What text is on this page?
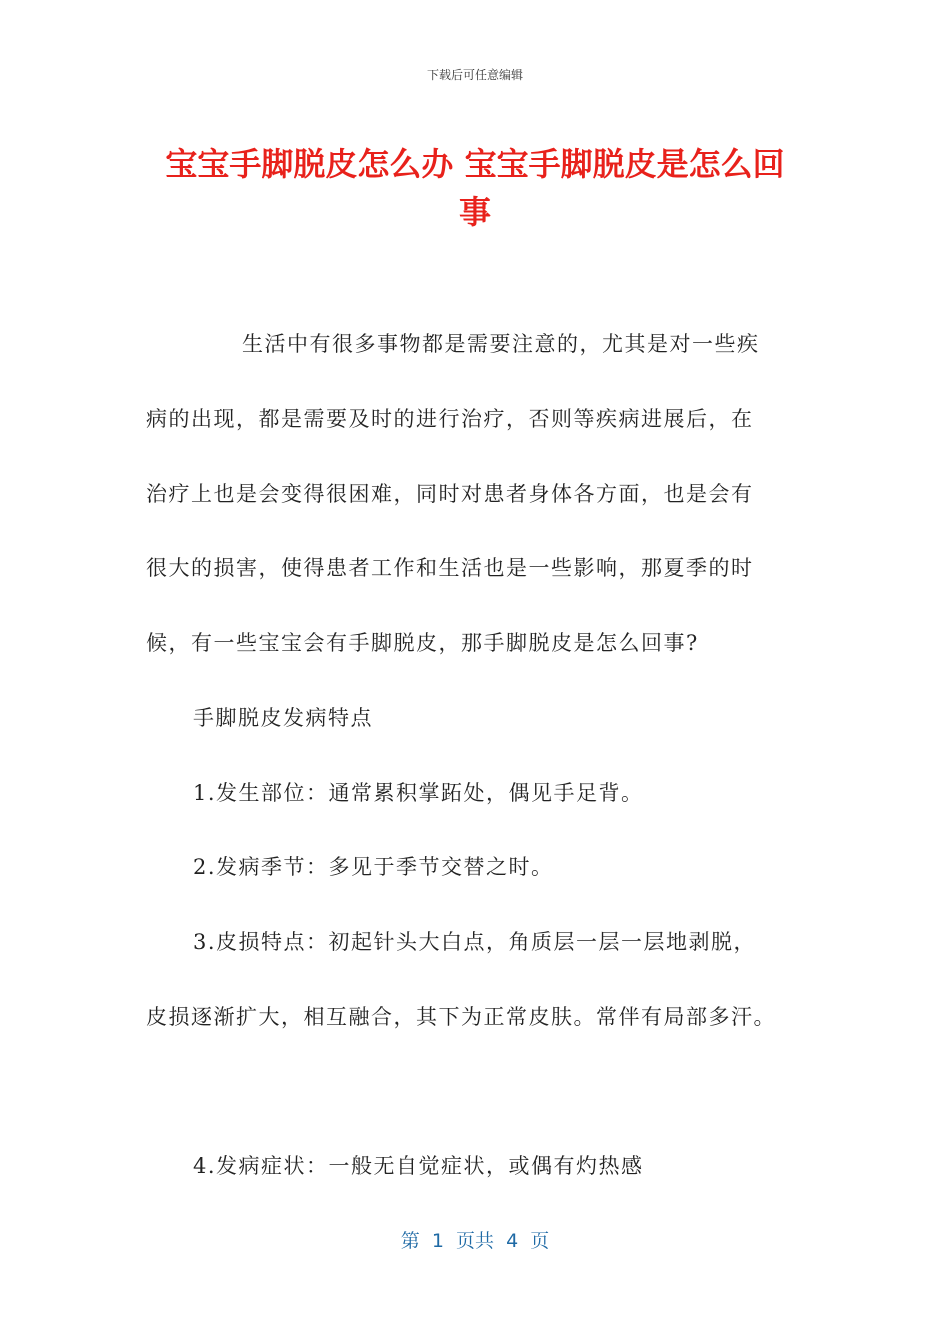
下载后可任意编辑
宝宝手脚脱皮怎么办 宝宝手脚脱皮是怎么回
事

生活中有很多事物都是需要注意的，尤其是对一些疾

病的出现，都是需要及时的进行治疗，否则等疾病进展后，在

治疗上也是会变得很困难，同时对患者身体各方面，也是会有

很大的损害，使得患者工作和生活也是一些影响，那夏季的时

候，有一些宝宝会有手脚脱皮，那手脚脱皮是怎么回事?

手脚脱皮发病特点

1.发生部位：通常累积掌跖处，偶见手足背。

2.发病季节：多见于季节交替之时。

3.皮损特点：初起针头大白点，角质层一层一层地剥脱，

皮损逐渐扩大，相互融合，其下为正常皮肤。常伴有局部多汗。

4.发病症状：一般无自觉症状，或偶有灼热感

第  1  页共  4  页
